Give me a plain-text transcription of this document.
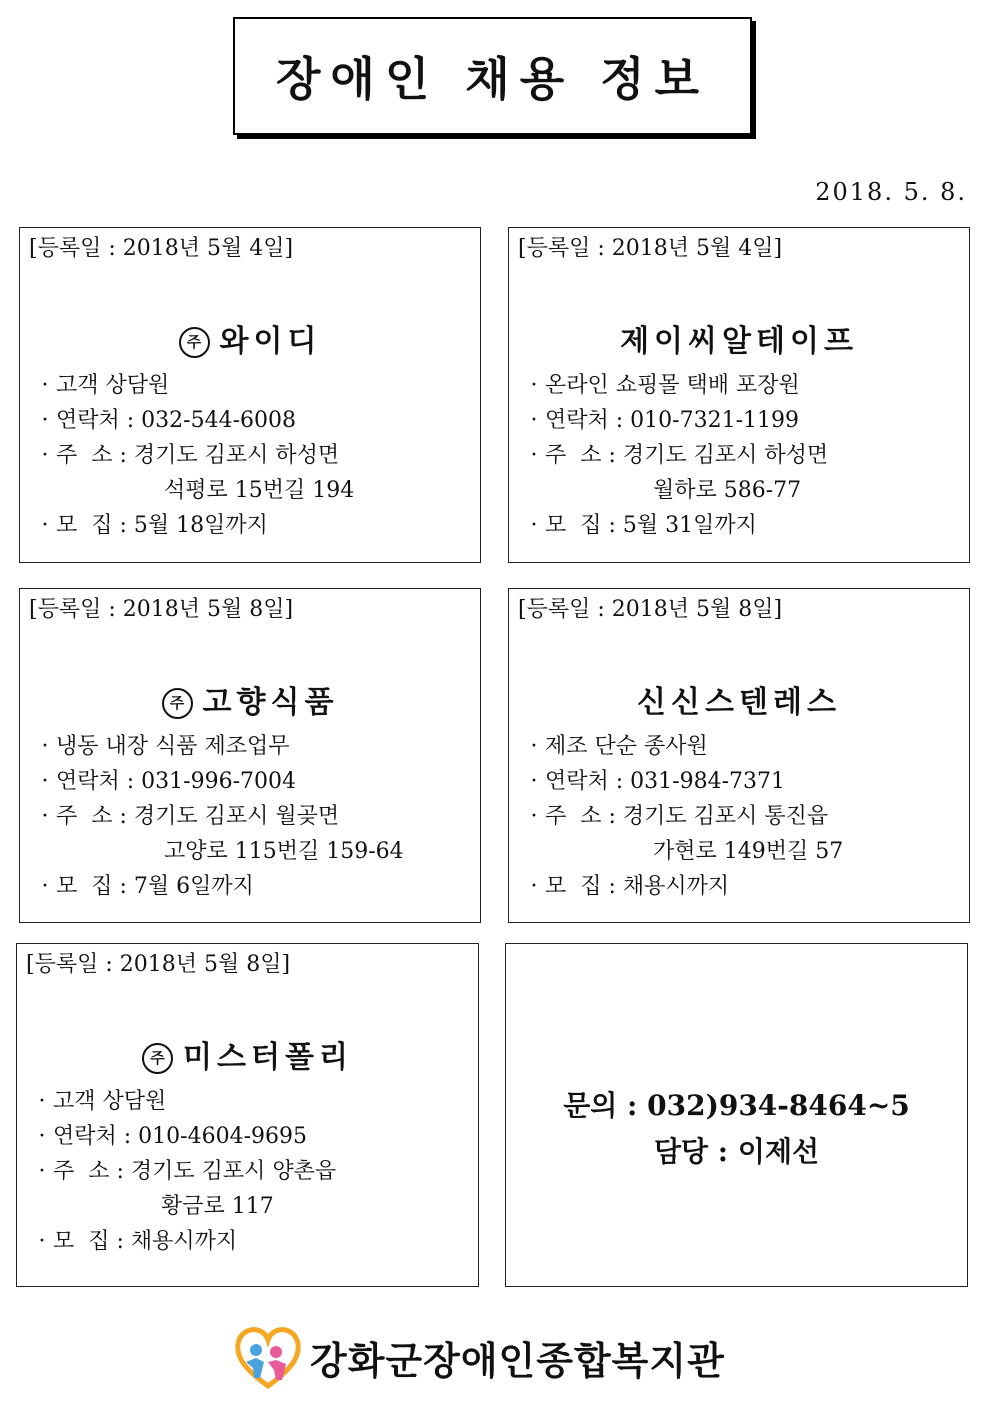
장애인 채용 정보
2018. 5. 8.
[등록일 : 2018년 5월 4일]
주 와이디
· 고객 상담원
· 연락처 : 032-544-6008
· 주  소 : 경기도 김포시 하성면
석평로 15번길 194
· 모  집 : 5월 18일까지
[등록일 : 2018년 5월 4일]
제이씨알테이프
· 온라인 쇼핑몰 택배 포장원
· 연락처 : 010-7321-1199
· 주  소 : 경기도 김포시 하성면
월하로 586-77
· 모  집 : 5월 31일까지
[등록일 : 2018년 5월 8일]
주 고향식품
· 냉동 내장 식품 제조업무
· 연락처 : 031-996-7004
· 주  소 : 경기도 김포시 월곶면
고양로 115번길 159-64
· 모  집 : 7월 6일까지
[등록일 : 2018년 5월 8일]
신신스텐레스
· 제조 단순 종사원
· 연락처 : 031-984-7371
· 주  소 : 경기도 김포시 통진읍
가현로 149번길 57
· 모  집 : 채용시까지
[등록일 : 2018년 5월 8일]
주 미스터폴리
· 고객 상담원
· 연락처 : 010-4604-9695
· 주  소 : 경기도 김포시 양촌읍
황금로 117
· 모  집 : 채용시까지
문의 : 032)934-8464~5
담당 : 이제선
강화군장애인종합복지관
